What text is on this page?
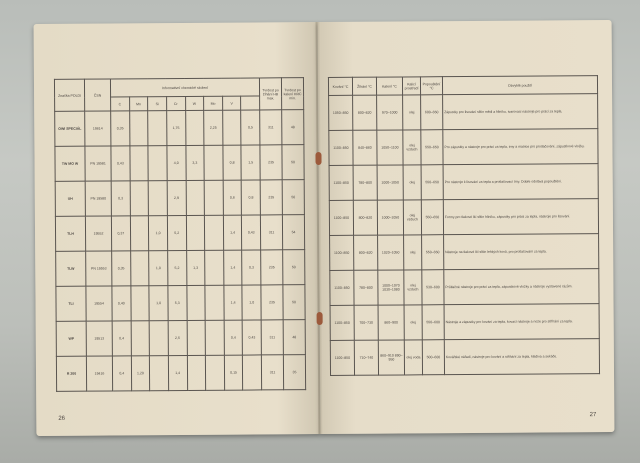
Značka POLDI	ČSN	Informativní chemické složení								Tvrdost po žíhání HB max.	Tvrdost po kalení HRC min.
		C	Mn	Si	Cr	W	Mo	V			
OWI SPECIÁL	19614	0,35			1,75		2,25		0,5	311	48
TW MO W	PN 19581	0,43			4,0	3,3		0,8	1,5	235	50
UH	PN 19580	0,3			2,9			0,6	0,8	235	50
TLH	19552	0,37		1,0	5,2			1,4	0,43	311	54
TLW	PN 19553	0,35		1,0	5,2	1,3		1,4	0,3	235	50
TLI	19554	0,40		1,0	5,3			1,4	1,0	235	50
WP	19513	0,4			2,5			0,4	0,43	311	48
R 200	19416	0,4	1,20		1,4			0,15		311	35
26
Kování °C	Žíhání °C	Kalení °C	Kalicí prostředí	Popouštění °C	Obvyklé použití
1050–850	800–820	970–1000	olej	600–650	Zápustky pro lisování slitin mědi a hliníku, tvarovací nástroje pro práci za tepla.
1100–850	840–860	1050–1100	olej vzduch	550–650	Pro zápustky a nástroje pro práci za tepla, trny a matrice pro protlačování, zápustkové vložky.
1100–850	780–800	1000–1050	olej	550–650	Pro nástroje k lisování za tepla a protlačovací trny. Dobře odolává popouštění.
1100–850	800–820	1000–1050	olej vzduch	550–650	Formy pro tlakové lití slitin hliníku, zápustky pro práci za tepla, nástroje pro lisování.
1100–850	800–820	1020–1050	olej	550–650	Nástroje na tlakové lití slitin lehkých kovů, pro protlačování za tepla.
1100–850	780–800	1000–1070 1030–1080	olej vzduch	530–600	Průtlačné nástroje pro práci za tepla, zápustkové vložky a nástroje vystavené rázům.
1100–850	700–730	860–900	olej	550–600	Nástroje a zápustky pro kování za tepla, kovací nástroje a nože pro stříhání za tepla.
1100–850	710–740	860–910 890–950	olej voda	500–600	Kovářské nářadí, nástroje pro kování a stříhání za tepla, kladiva a sekáče.
27
